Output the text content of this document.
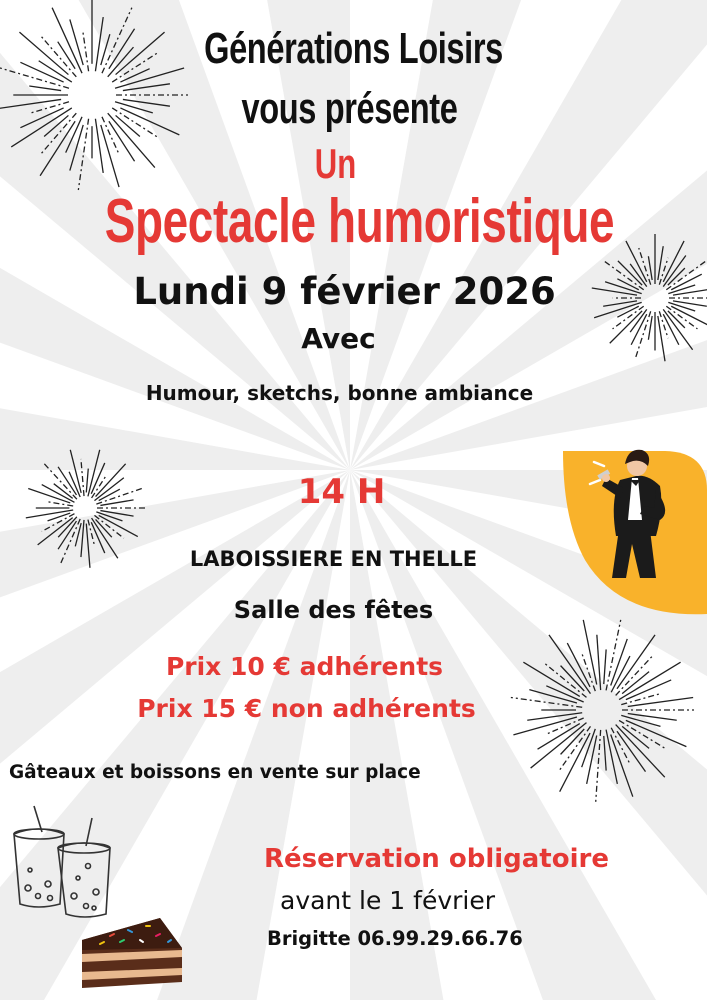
Générations Loisirs
vous présente
Un
Spectacle humoristique
Lundi 9 février 2026
Avec
Humour, sketchs, bonne ambiance
14 H
LABOISSIERE EN THELLE
Salle des fêtes
Prix 10 € adhérents
Prix 15 € non adhérents
Gâteaux et boissons en vente sur place
Réservation obligatoire
avant le 1 février
Brigitte 06.99.29.66.76
